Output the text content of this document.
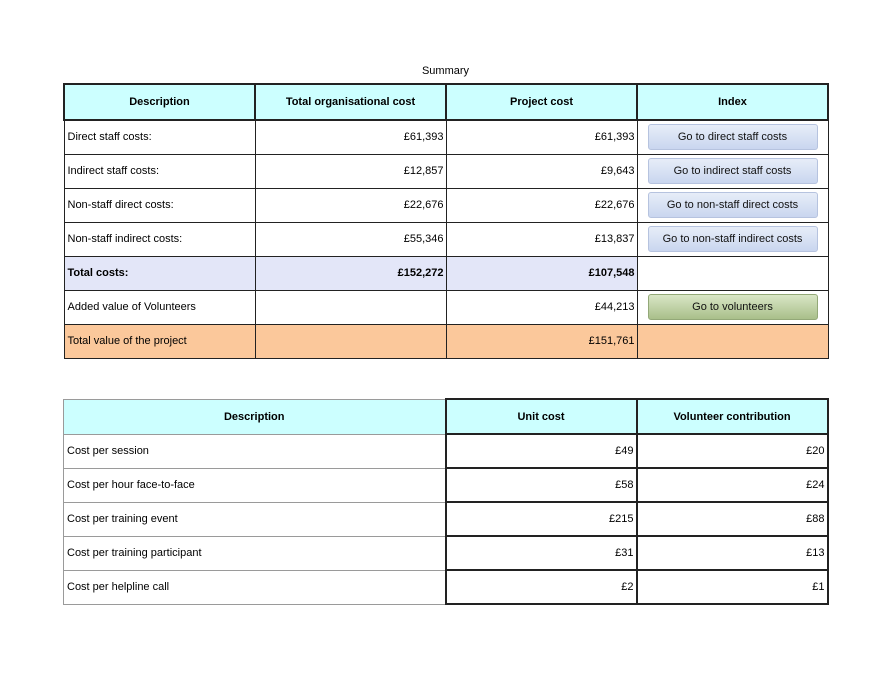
Summary
Description	Total organisational cost	Project cost	Index
Direct staff costs:	£61,393	£61,393	Go to direct staff costs

Indirect staff costs:	£12,857	£9,643	Go to indirect staff costs

Non-staff direct costs:	£22,676	£22,676	Go to non-staff direct costs

Non-staff indirect costs:	£55,346	£13,837	Go to non-staff indirect costs

Total costs:	£152,272	£107,548	
Added value of Volunteers		£44,213	Go to volunteers

Total value of the project		£151,761	
Description	Unit cost	Volunteer contribution
Cost per session	£49	£20
Cost per hour face-to-face	£58	£24
Cost per training event	£215	£88
Cost per training participant	£31	£13
Cost per helpline call	£2	£1
